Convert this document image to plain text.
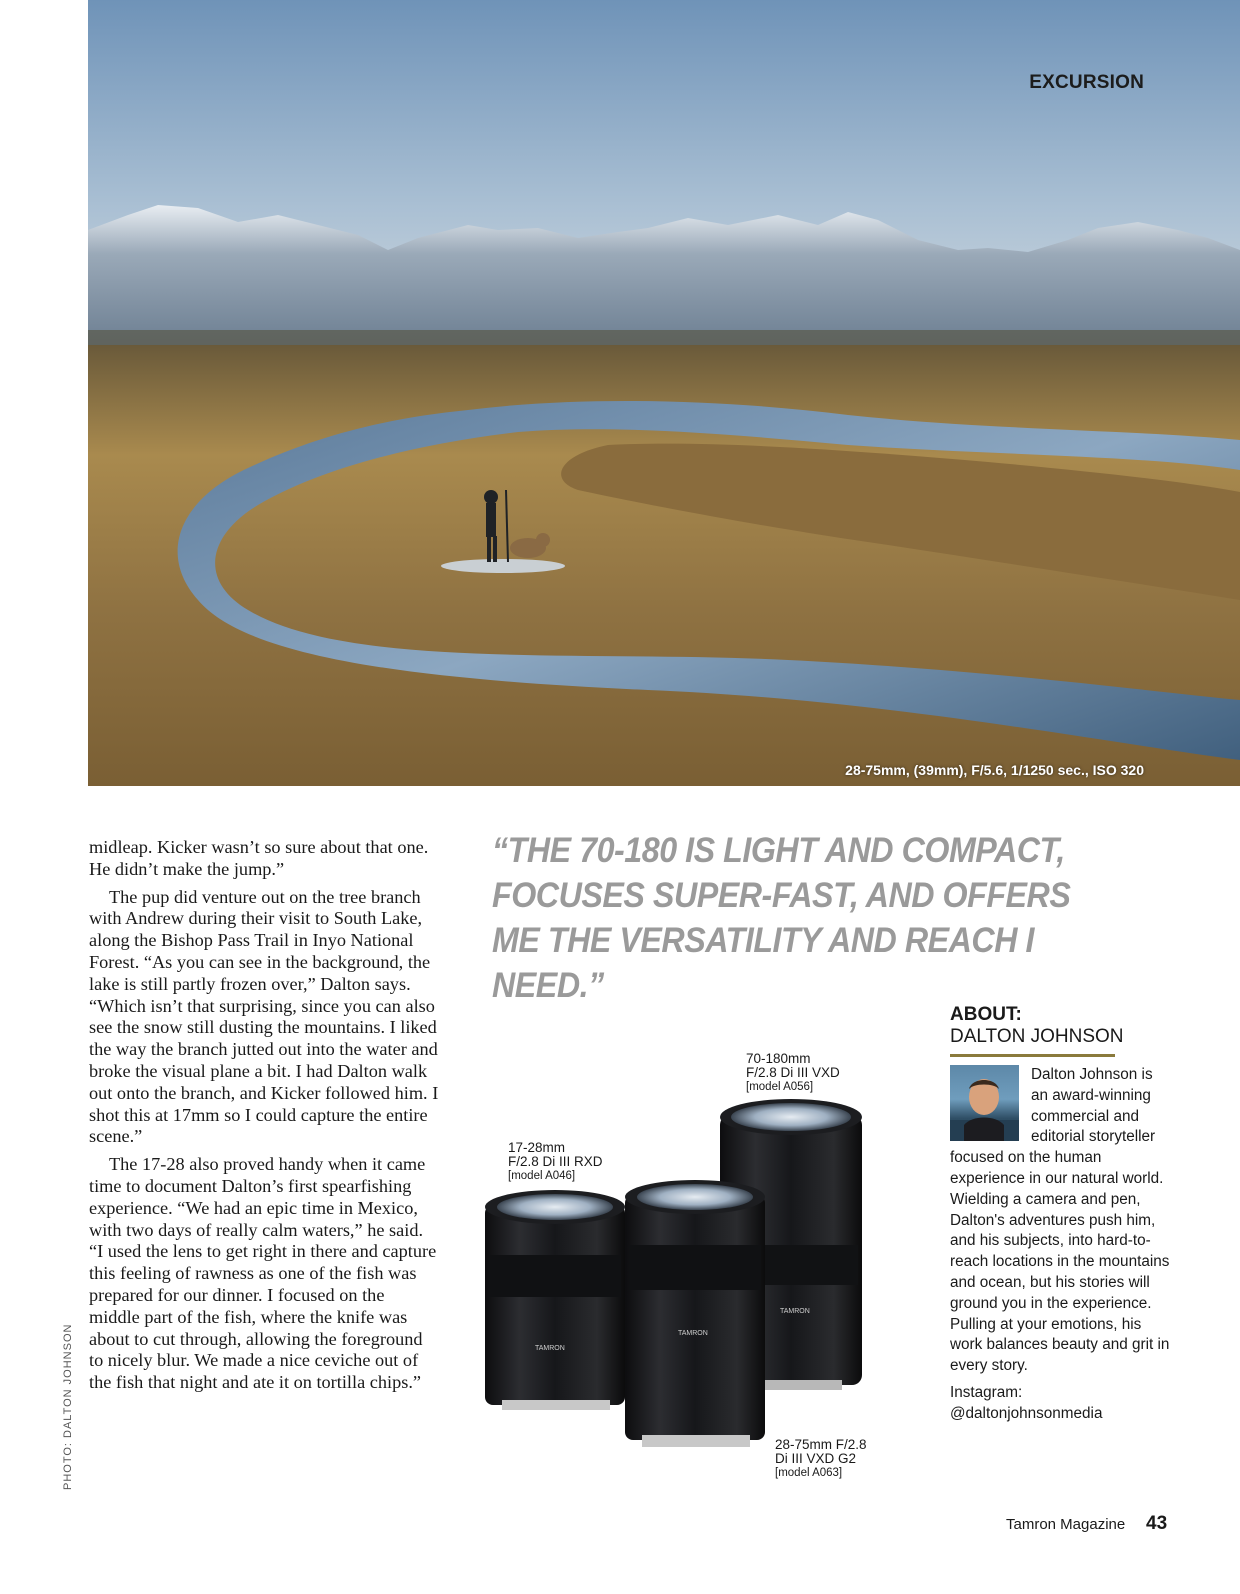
EXCURSION
28-75mm, (39mm), F/5.6, 1/1250 sec., ISO 320
PHOTO: DALTON JOHNSON

midleap. Kicker wasn’t so sure about that one. He didn’t make the jump.”

The pup did venture out on the tree branch with Andrew during their visit to South Lake, along the Bishop Pass Trail in Inyo National Forest. “As you can see in the background, the lake is still partly frozen over,” Dalton says. “Which isn’t that surprising, since you can also see the snow still dusting the mountains. I liked the way the branch jutted out into the water and broke the visual plane a bit. I had Dalton walk out onto the branch, and Kicker followed him. I shot this at 17mm so I could capture the entire scene.”

The 17-28 also proved handy when it came time to document Dalton’s first spearfishing experience. “We had an epic time in Mexico, with two days of really calm waters,” he said. “I used the lens to get right in there and capture this feeling of rawness as one of the fish was prepared for our dinner. I focused on the middle part of the fish, where the knife was about to cut through, allowing the foreground to nicely blur. We made a nice ceviche out of the fish that night and ate it on tortilla chips.”

“THE 70-180 IS LIGHT AND COMPACT, FOCUSES SUPER-FAST, AND OFFERS ME THE VERSATILITY AND REACH I NEED.”
17-28mm
F/2.8 Di III RXD
[model A046]
70-180mm
F/2.8 Di III VXD
[model A056]
28-75mm F/2.8
Di III VXD G2
[model A063]
TAMRON
TAMRON
TAMRON
ABOUT:
DALTON JOHNSON
Dalton Johnson is an award-winning commercial and editorial storyteller focused on the human experience in our natural world. Wielding a camera and pen, Dalton's adventures push him, and his subjects, into hard-to-reach locations in the mountains and ocean, but his stories will ground you in the experience. Pulling at your emotions, his work balances beauty and grit in every story.
Instagram:
@daltonjohnsonmedia
Tamron Magazine 43
